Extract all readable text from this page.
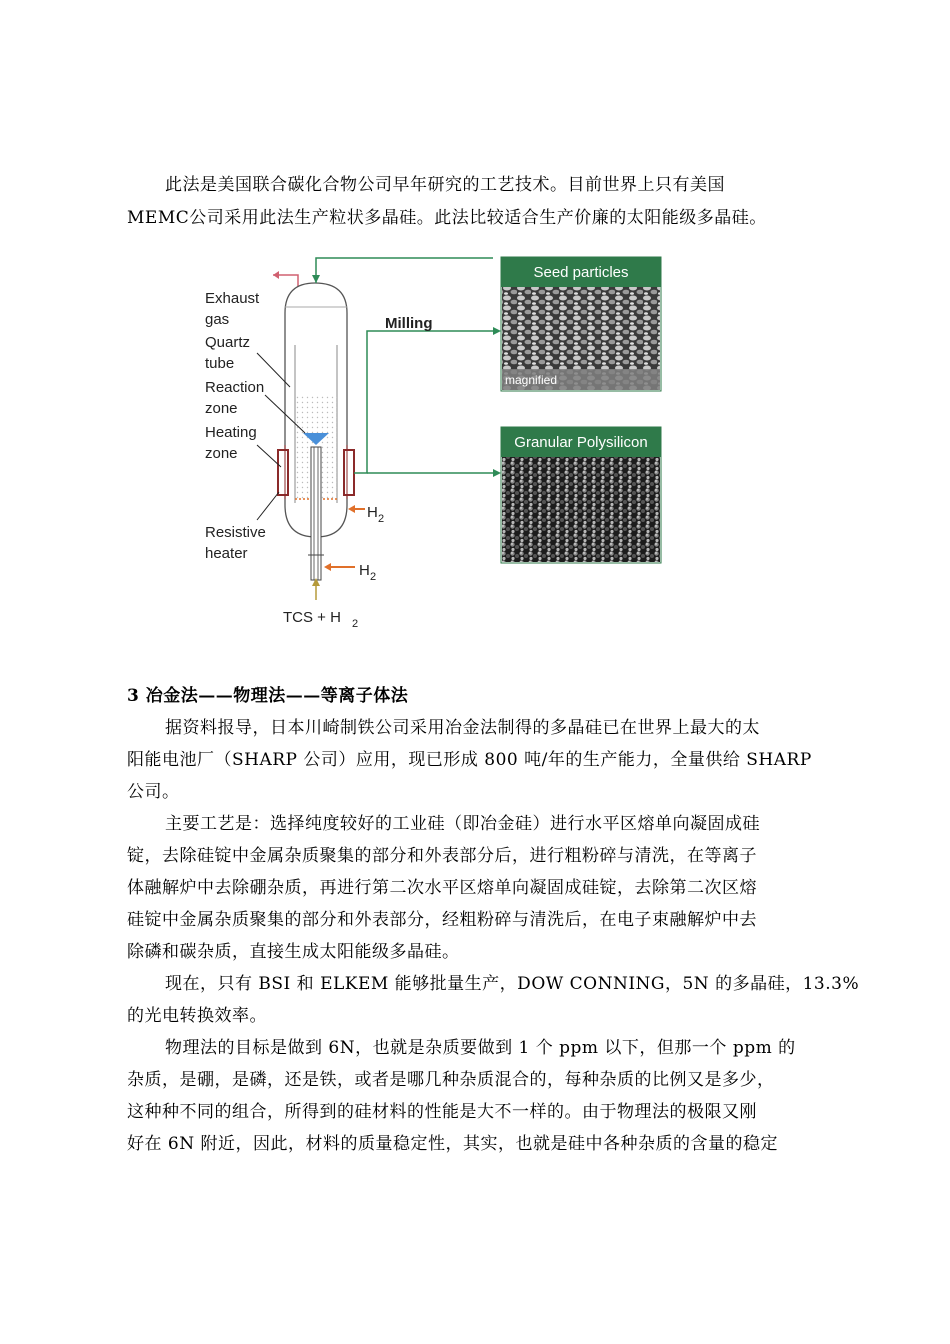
此法是美国联合碳化合物公司早年研究的工艺技术。目前世界上只有美国
MEMC公司采用此法生产粒状多晶硅。此法比较适合生产价廉的太阳能级多晶硅。
Exhaust
gas
Quartz
tube
Reaction
zone
Heating
zone
Resistive
heater
Milling
H 2
H 2
TCS + H 2
Seed particles
magnified
Granular Polysilicon
3 冶金法——物理法——等离子体法
据资料报导，日本川崎制铁公司采用冶金法制得的多晶硅已在世界上最大的太
阳能电池厂（SHARP 公司）应用，现已形成 800 吨/年的生产能力，全量供给 SHARP
公司。
主要工艺是：选择纯度较好的工业硅（即冶金硅）进行水平区熔单向凝固成硅
锭，去除硅锭中金属杂质聚集的部分和外表部分后，进行粗粉碎与清洗，在等离子
体融解炉中去除硼杂质，再进行第二次水平区熔单向凝固成硅锭，去除第二次区熔
硅锭中金属杂质聚集的部分和外表部分，经粗粉碎与清洗后，在电子束融解炉中去
除磷和碳杂质，直接生成太阳能级多晶硅。
现在，只有 BSI 和 ELKEM 能够批量生产，DOW CONNING，5N 的多晶硅，13.3%
的光电转换效率。
物理法的目标是做到 6N，也就是杂质要做到 1 个 ppm 以下，但那一个 ppm 的
杂质，是硼，是磷，还是铁，或者是哪几种杂质混合的，每种杂质的比例又是多少，
这种种不同的组合，所得到的硅材料的性能是大不一样的。由于物理法的极限又刚
好在 6N 附近，因此，材料的质量稳定性，其实，也就是硅中各种杂质的含量的稳定
